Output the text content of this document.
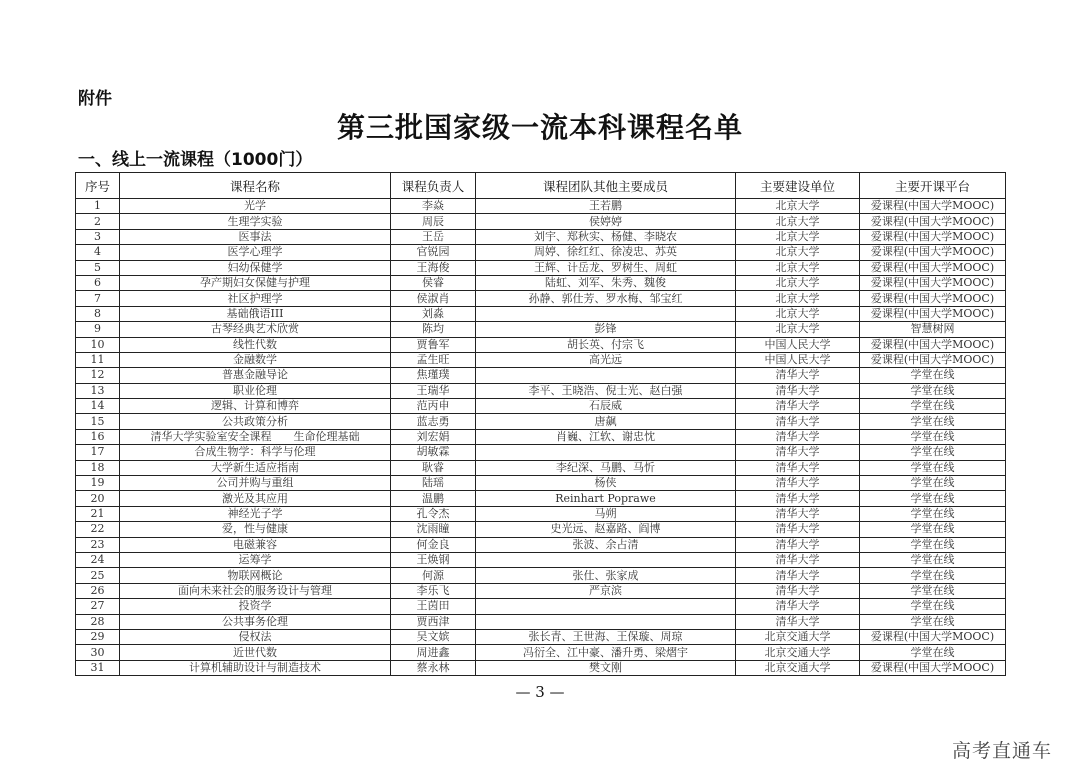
附件
第三批国家级一流本科课程名单
一、线上一流课程（1000门）
序号	课程名称	课程负责人	课程团队其他主要成员	主要建设单位	主要开课平台
1	光学	李焱	王若鹏	北京大学	爱课程(中国大学MOOC)
2	生理学实验	周辰	侯婷婷	北京大学	爱课程(中国大学MOOC)
3	医事法	王岳	刘宇、郑秋实、杨健、李晓农	北京大学	爱课程(中国大学MOOC)
4	医学心理学	官锐园	周婷、徐红红、徐凌忠、苏英	北京大学	爱课程(中国大学MOOC)
5	妇幼保健学	王海俊	王辉、计岳龙、罗树生、周虹	北京大学	爱课程(中国大学MOOC)
6	孕产期妇女保健与护理	侯睿	陆虹、刘军、朱秀、魏俊	北京大学	爱课程(中国大学MOOC)
7	社区护理学	侯淑肖	孙静、郭仕芳、罗水梅、邹宝红	北京大学	爱课程(中国大学MOOC)
8	基础俄语III	刘淼		北京大学	爱课程(中国大学MOOC)
9	古琴经典艺术欣赏	陈均	彭锋	北京大学	智慧树网
10	线性代数	贾鲁军	胡长英、付宗飞	中国人民大学	爱课程(中国大学MOOC)
11	金融数学	孟生旺	高光远	中国人民大学	爱课程(中国大学MOOC)
12	普惠金融导论	焦瑾璞		清华大学	学堂在线
13	职业伦理	王瑞华	李平、王晓浩、倪士光、赵白强	清华大学	学堂在线
14	逻辑、计算和博弈	范丙申	石辰威	清华大学	学堂在线
15	公共政策分析	蓝志勇	唐飙	清华大学	学堂在线
16	清华大学实验室安全课程　　生命伦理基础	刘宏娟	肖巍、江软、谢忠忱	清华大学	学堂在线
17	合成生物学：科学与伦理	胡敏霖		清华大学	学堂在线
18	大学新生适应指南	耿睿	李纪深、马鹏、马忻	清华大学	学堂在线
19	公司并购与重组	陆瑶	杨侠	清华大学	学堂在线
20	激光及其应用	温鹏	Reinhart Poprawe	清华大学	学堂在线
21	神经光子学	孔令杰	马朔	清华大学	学堂在线
22	爱，性与健康	沈雨瞳	史光远、赵嘉路、阎博	清华大学	学堂在线
23	电磁兼容	何金良	张波、余占清	清华大学	学堂在线
24	运筹学	王焕钢		清华大学	学堂在线
25	物联网概论	何源	张仕、张家成	清华大学	学堂在线
26	面向未来社会的服务设计与管理	李乐飞	严京滨	清华大学	学堂在线
27	投资学	王茵田		清华大学	学堂在线
28	公共事务伦理	贾西津		清华大学	学堂在线
29	侵权法	吴文嫔	张长青、王世海、王保璇、周琼	北京交通大学	爱课程(中国大学MOOC)
30	近世代数	周进鑫	冯衍全、江中豪、潘升勇、梁熠宇	北京交通大学	学堂在线
31	计算机辅助设计与制造技术	蔡永林	樊文刚	北京交通大学	爱课程(中国大学MOOC)
— 3 —
高考直通车
